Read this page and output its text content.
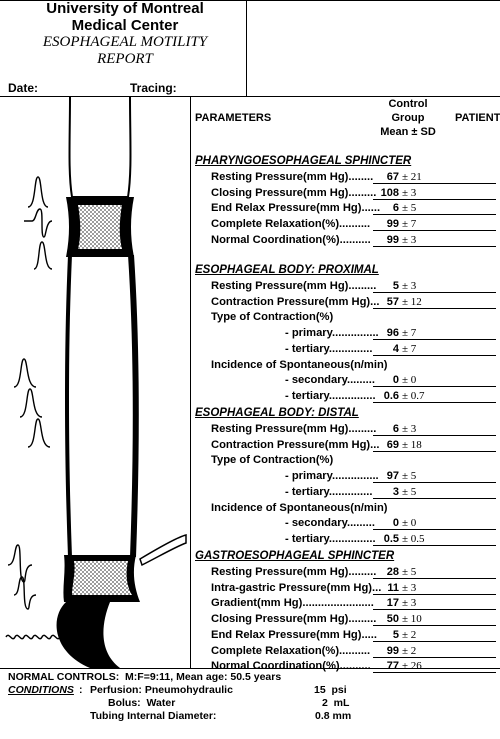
University of Montreal
Medical Center
ESOPHAGEAL MOTILITY
REPORT
Date:	Tracing:
PARAMETERS
Control
Group
Mean ± SD
PATIENT
PHARYNGOESOPHAGEAL SPHINCTER
Resting Pressure(mm Hg)........	67 ± 21
Closing Pressure(mm Hg)......... 108 ± 3
End Relax Pressure(mm Hg)......	6 ± 5
Complete Relaxation(%)..........	99 ± 7
Normal Coordination(%)..........	99 ± 3
ESOPHAGEAL BODY: PROXIMAL
Resting Pressure(mm Hg).........	5 ± 3
Contraction Pressure(mm Hg)... 57 ± 12
Type of Contraction(%)
- primary............... 96 ± 7
- tertiary..............	4 ± 7
Incidence of Spontaneous(n/min)
- secondary.........	0 ± 0
- tertiary............... 0.6 ± 0.7
ESOPHAGEAL BODY: DISTAL
Resting Pressure(mm Hg).........	6 ± 3
Contraction Pressure(mm Hg)... 69 ± 18
Type of Contraction(%)
- primary............... 97 ± 5
- tertiary..............	3 ± 5
Incidence of Spontaneous(n/min)
- secondary.........	0 ± 0
- tertiary............... 0.5 ± 0.5
GASTROESOPHAGEAL SPHINCTER
Resting Pressure(mm Hg)......... 28 ± 5
Intra-gastric Pressure(mm Hg)... 11 ± 3
Gradient(mm Hg).......................	17 ± 3
Closing Pressure(mm Hg)......... 50 ± 10
End Relax Pressure(mm Hg).....	5 ± 2
Complete Relaxation(%)..........	99 ± 2
Normal Coordination(%)..........	77 ± 26
NORMAL CONTROLS:  M:F=9:11, Mean age: 50.5 years
CONDITIONS : Perfusion: Pneumohydraulic	15  psi
Bolus:  Water	2  mL
Tubing Internal Diameter:	0.8 mm
